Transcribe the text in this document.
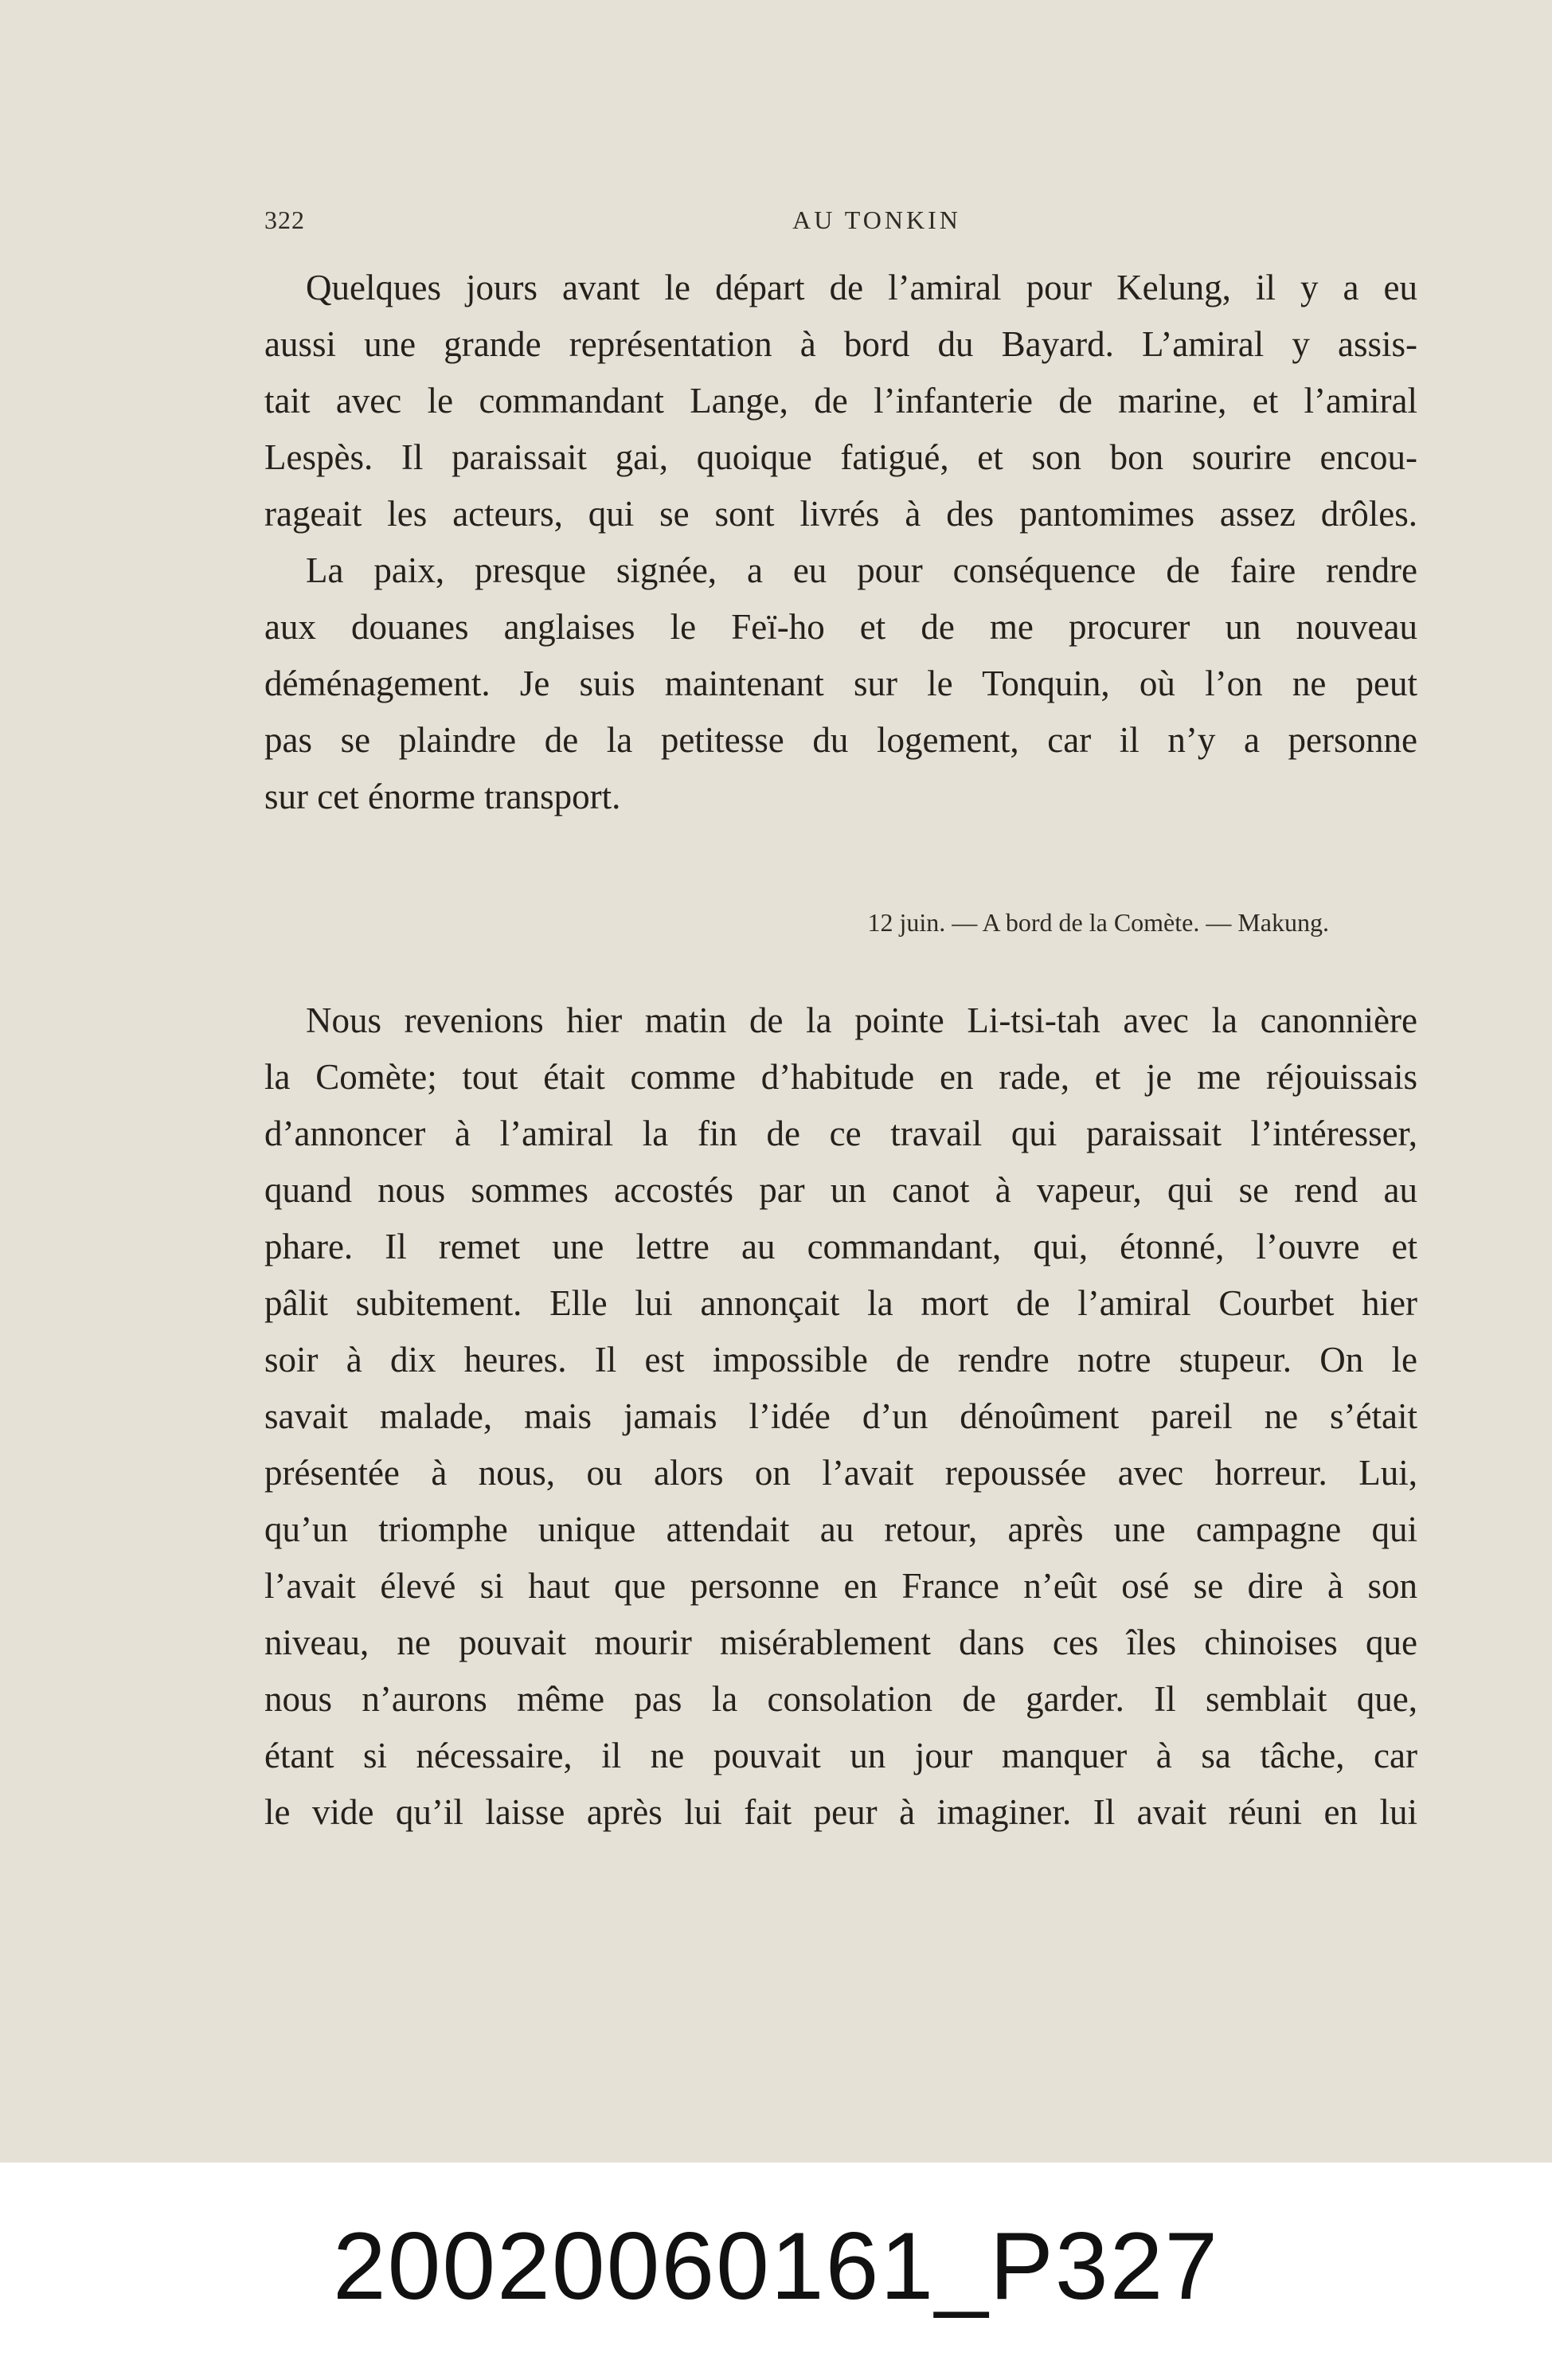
322	AU TONKIN
Quelques jours avant le départ de l’amiral pour Kelung, il y a eu
aussi une grande représentation à bord du Bayard. L’amiral y assis-
tait avec le commandant Lange, de l’infanterie de marine, et l’amiral
Lespès. Il paraissait gai, quoique fatigué, et son bon sourire encou-
rageait les acteurs, qui se sont livrés à des pantomimes assez drôles.
La paix, presque signée, a eu pour conséquence de faire rendre
aux douanes anglaises le Feï-ho et de me procurer un nouveau
déménagement. Je suis maintenant sur le Tonquin, où l’on ne peut
pas se plaindre de la petitesse du logement, car il n’y a personne
sur cet énorme transport.
12 juin. — A bord de la Comète. — Makung.
Nous revenions hier matin de la pointe Li-tsi-tah avec la canonnière
la Comète; tout était comme d’habitude en rade, et je me réjouissais
d’annoncer à l’amiral la fin de ce travail qui paraissait l’intéresser,
quand nous sommes accostés par un canot à vapeur, qui se rend au
phare. Il remet une lettre au commandant, qui, étonné, l’ouvre et
pâlit subitement. Elle lui annonçait la mort de l’amiral Courbet hier
soir à dix heures. Il est impossible de rendre notre stupeur. On le
savait malade, mais jamais l’idée d’un dénoûment pareil ne s’était
présentée à nous, ou alors on l’avait repoussée avec horreur. Lui,
qu’un triomphe unique attendait au retour, après une campagne qui
l’avait élevé si haut que personne en France n’eût osé se dire à son
niveau, ne pouvait mourir misérablement dans ces îles chinoises que
nous n’aurons même pas la consolation de garder. Il semblait que,
étant si nécessaire, il ne pouvait un jour manquer à sa tâche, car
le vide qu’il laisse après lui fait peur à imaginer. Il avait réuni en lui
20020060161_P327
